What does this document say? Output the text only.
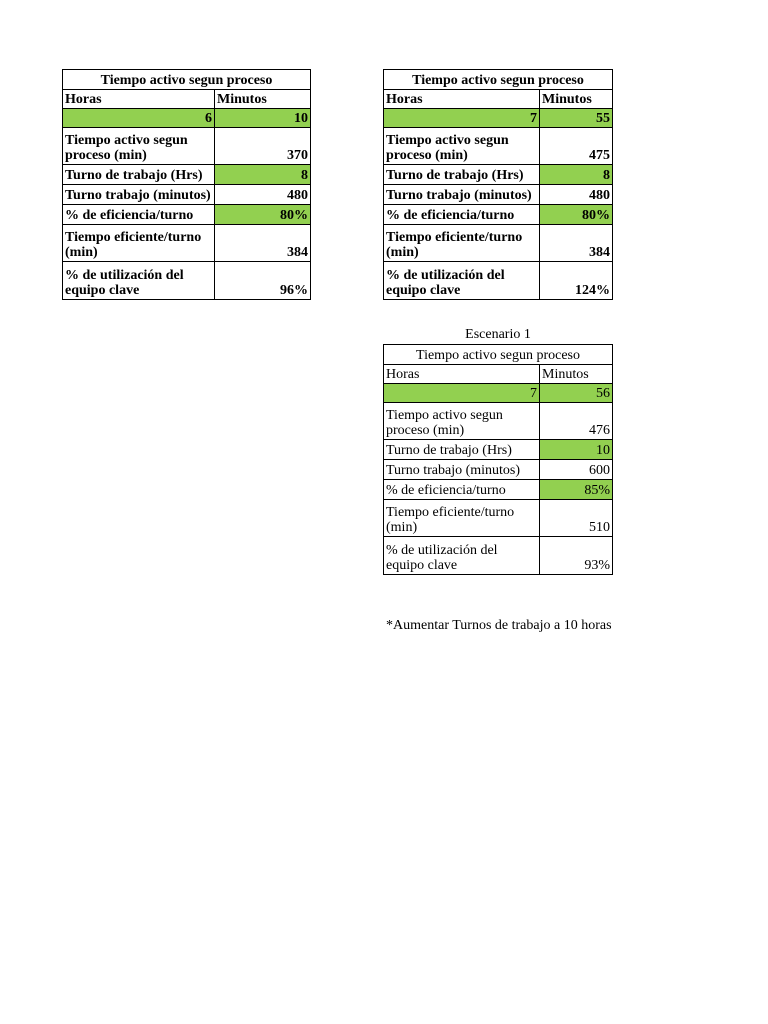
Tiempo activo segun proceso	
Horas	Minutos
6	10
Tiempo activo segun proceso (min)	370
Turno de trabajo (Hrs)	8
Turno trabajo (minutos)	480
% de eficiencia/turno	80%
Tiempo eficiente/turno (min)	384
% de utilización del equipo clave	96%
Tiempo activo segun proceso	
Horas	Minutos
7	55
Tiempo activo segun proceso (min)	475
Turno de trabajo (Hrs)	8
Turno trabajo (minutos)	480
% de eficiencia/turno	80%
Tiempo eficiente/turno (min)	384
% de utilización del equipo clave	124%
Escenario 1
Tiempo activo segun proceso	
Horas	Minutos
7	56
Tiempo activo segun proceso (min)	476
Turno de trabajo (Hrs)	10
Turno trabajo (minutos)	600
% de eficiencia/turno	85%
Tiempo eficiente/turno (min)	510
% de utilización del equipo clave	93%
*Aumentar Turnos de trabajo a 10 horas
